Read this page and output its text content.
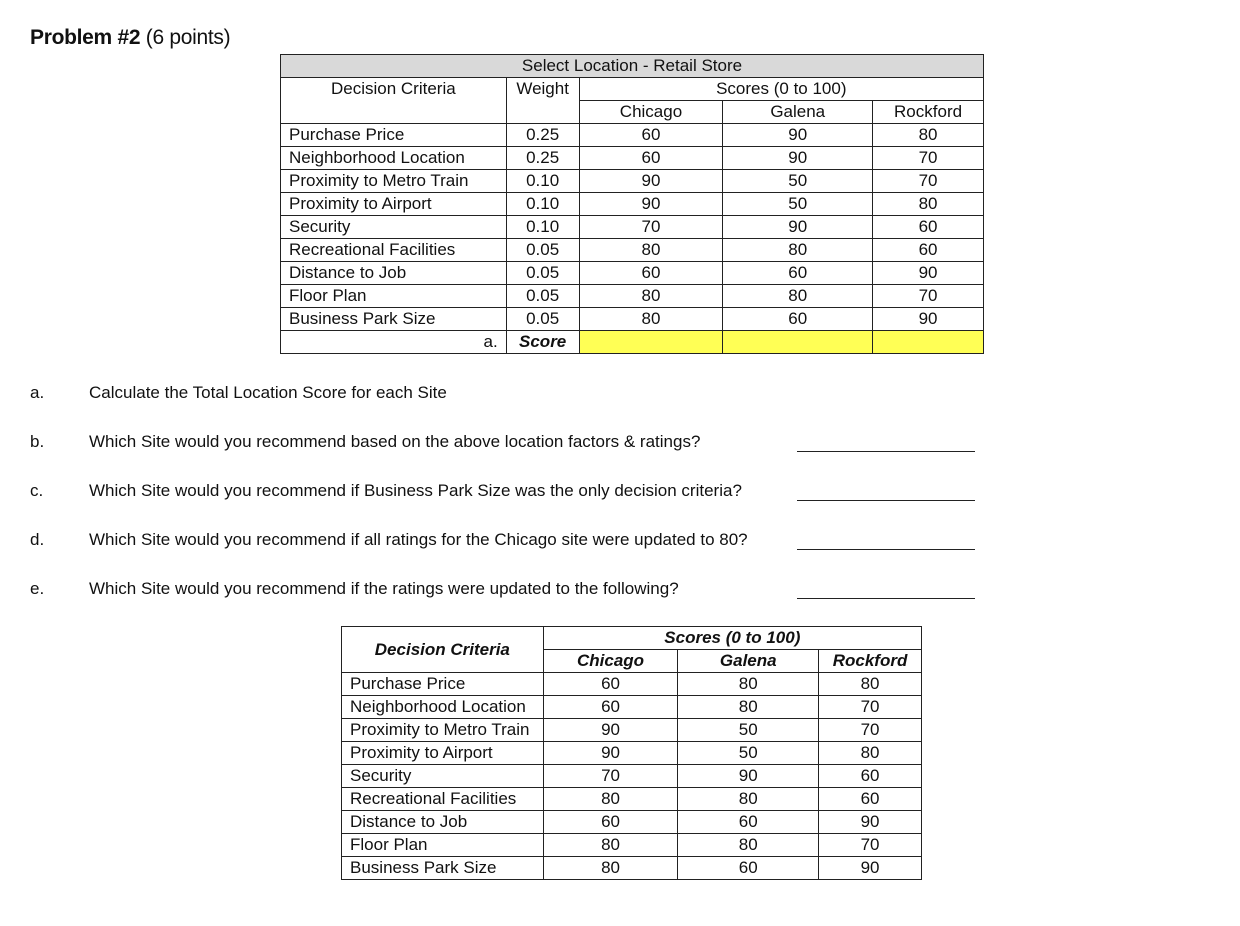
Problem #2 (6 points)
Select Location - Retail Store				
Decision Criteria	Weight	Scores (0 to 100)		
		Chicago	Galena	Rockford
Purchase Price	0.25	60	90	80
Neighborhood Location	0.25	60	90	70
Proximity to Metro Train	0.10	90	50	70
Proximity to Airport	0.10	90	50	80
Security	0.10	70	90	60
Recreational Facilities	0.05	80	80	60
Distance to Job	0.05	60	60	90
Floor Plan	0.05	80	80	70
Business Park Size	0.05	80	60	90
a.	Score			
a.	Calculate the Total Location Score for each Site
b.	Which Site would you recommend based on the above location factors & ratings?
c.	Which Site would you recommend if Business Park Size was the only decision criteria?
d.	Which Site would you recommend if all ratings for the Chicago site were updated to 80?
e.	Which Site would you recommend if the ratings were updated to the following?
Decision Criteria	Scores (0 to 100)		
	Chicago	Galena	Rockford
Purchase Price	60	80	80
Neighborhood Location	60	80	70
Proximity to Metro Train	90	50	70
Proximity to Airport	90	50	80
Security	70	90	60
Recreational Facilities	80	80	60
Distance to Job	60	60	90
Floor Plan	80	80	70
Business Park Size	80	60	90
